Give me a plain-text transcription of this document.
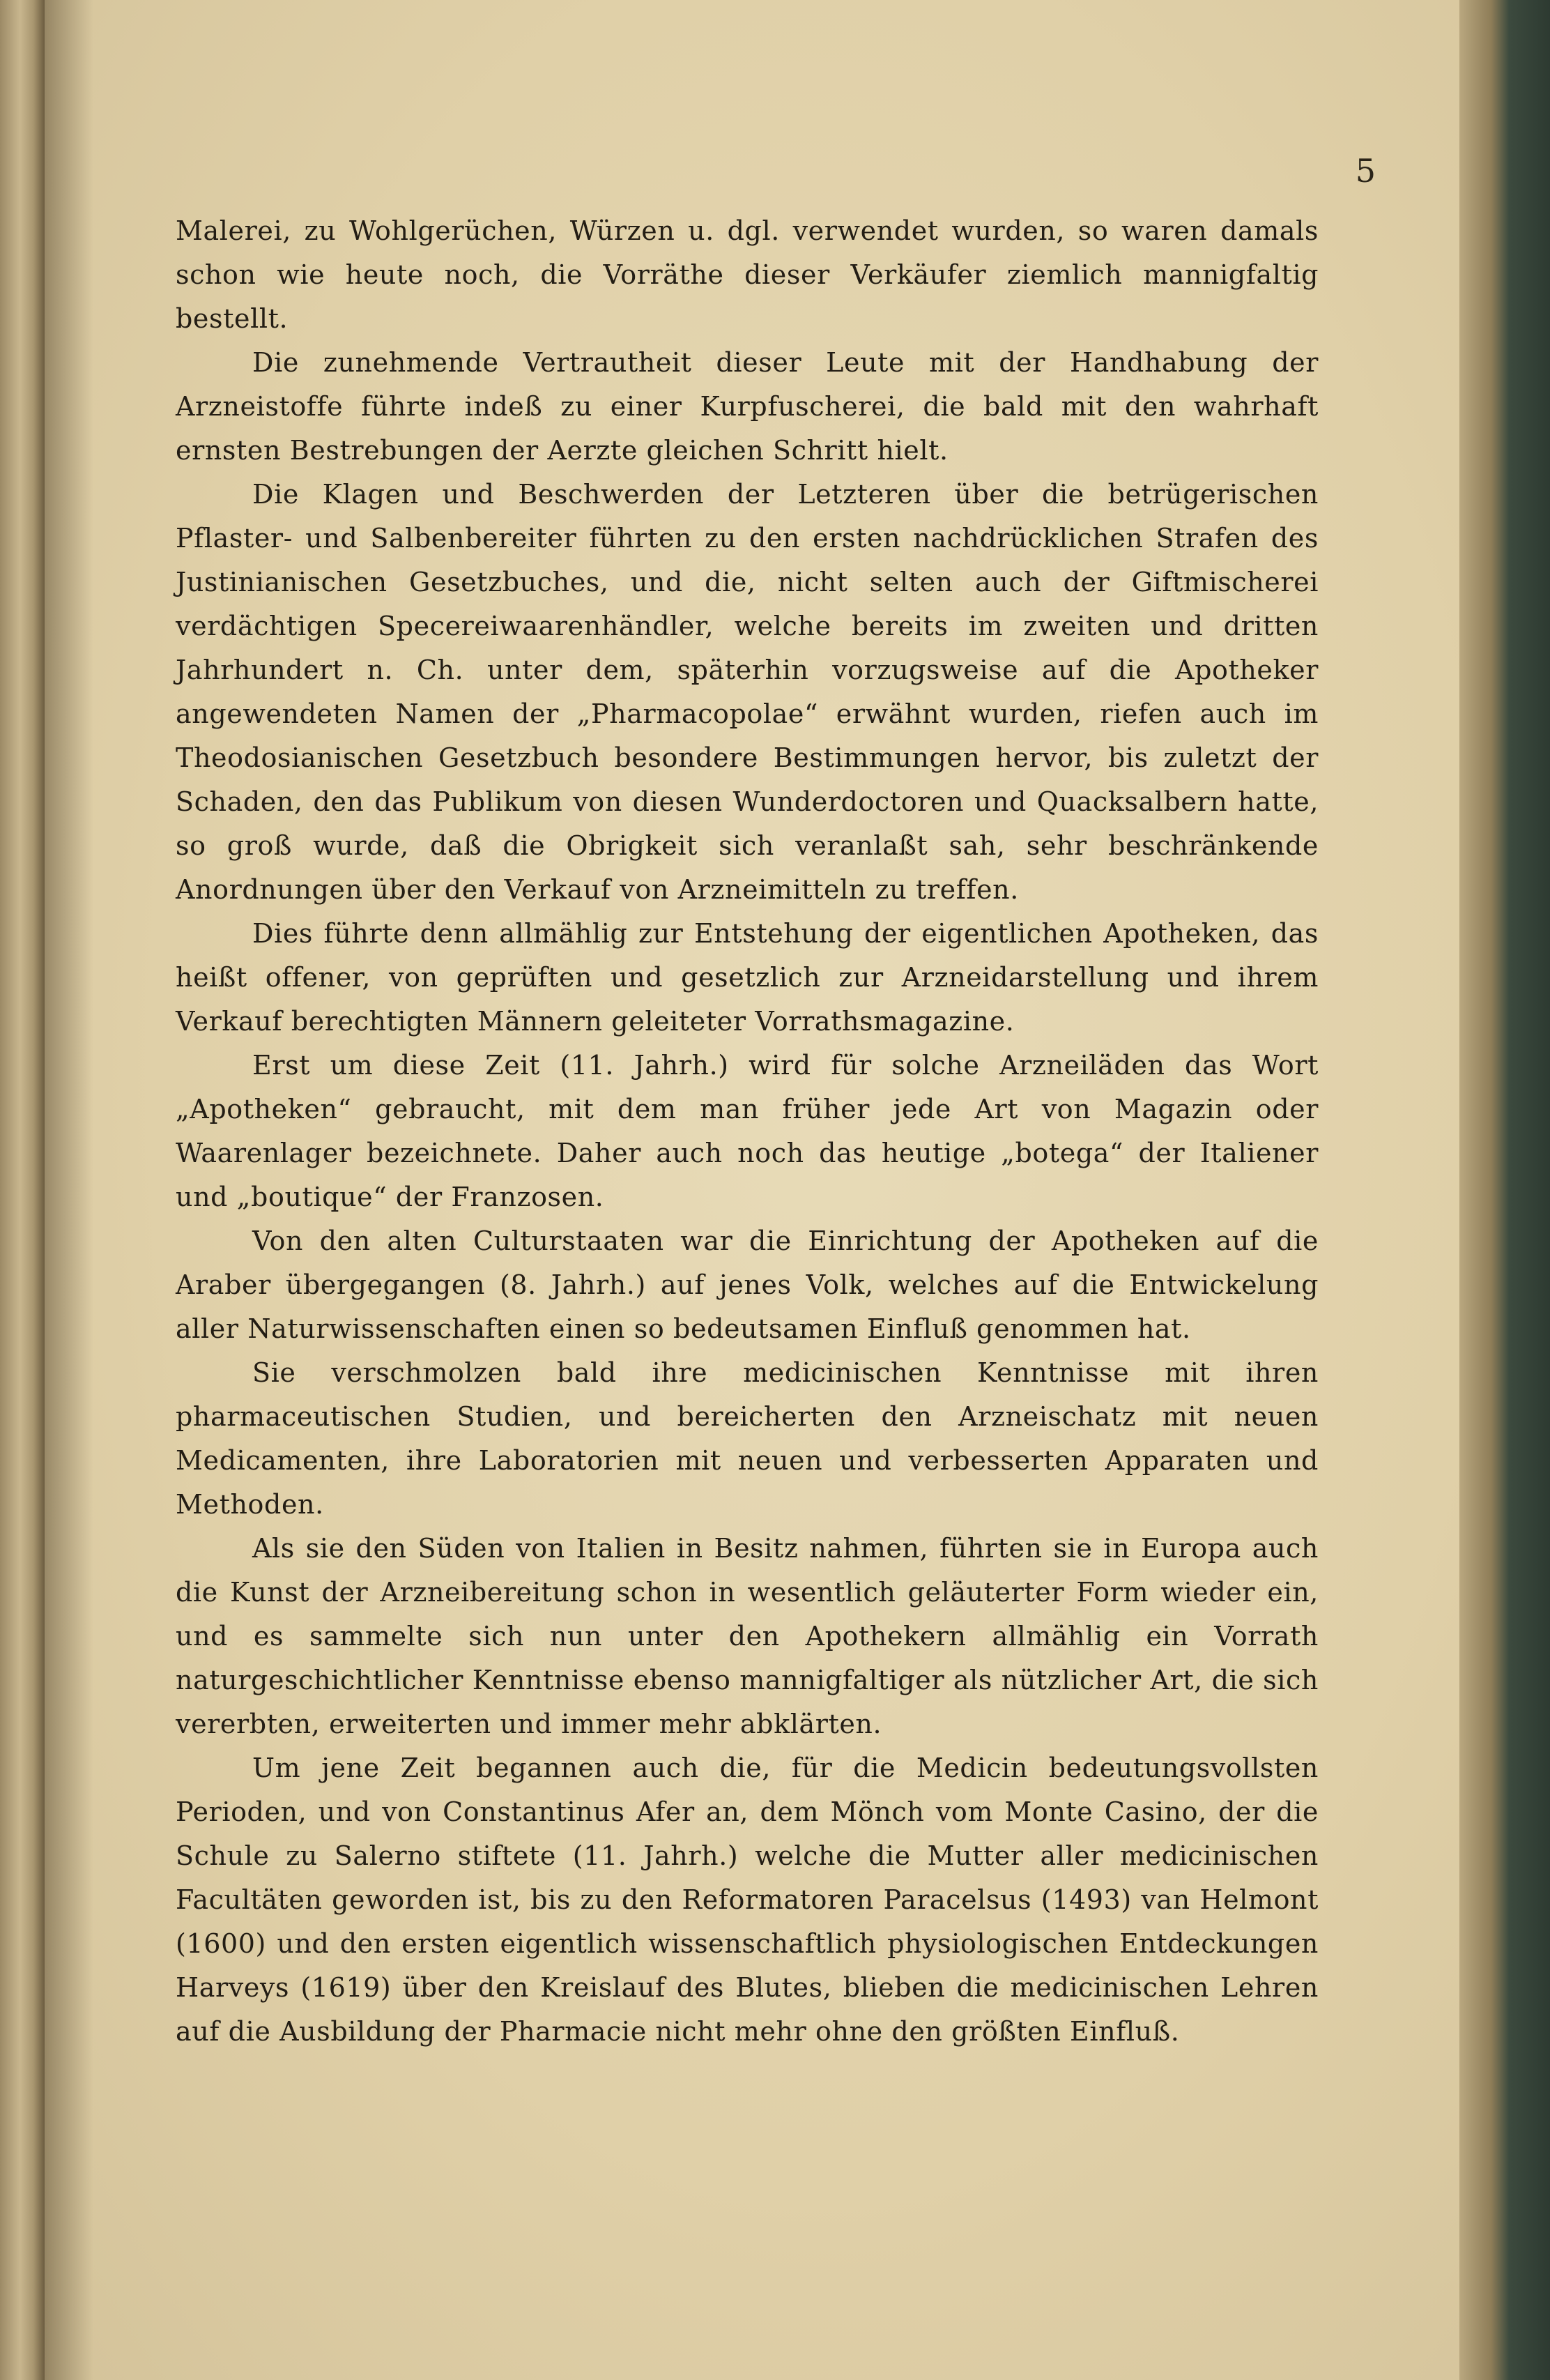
5

Malerei, zu Wohlgerüchen, Würzen u. dgl. verwendet wurden, so waren damals schon wie heute noch, die Vorräthe dieser Verkäufer ziemlich mannigfaltig bestellt.

Die zunehmende Vertrautheit dieser Leute mit der Handhabung der Arzneistoffe führte indeß zu einer Kurpfuscherei, die bald mit den wahrhaft ernsten Bestrebungen der Aerzte gleichen Schritt hielt.

Die Klagen und Beschwerden der Letzteren über die betrügerischen Pflaster- und Salbenbereiter führten zu den ersten nachdrücklichen Strafen des Justinianischen Gesetzbuches, und die, nicht selten auch der Giftmischerei verdächtigen Specereiwaarenhändler, welche bereits im zweiten und dritten Jahrhundert n. Ch. unter dem, späterhin vorzugsweise auf die Apotheker angewendeten Namen der „Pharmacopolae“ erwähnt wurden, riefen auch im Theodosianischen Gesetzbuch besondere Bestimmungen hervor, bis zuletzt der Schaden, den das Publikum von diesen Wunderdoctoren und Quacksalbern hatte, so groß wurde, daß die Obrigkeit sich veranlaßt sah, sehr beschränkende Anordnungen über den Verkauf von Arzneimitteln zu treffen.

Dies führte denn allmählig zur Entstehung der eigentlichen Apotheken, das heißt offener, von geprüften und gesetzlich zur Arzneidarstellung und ihrem Verkauf berechtigten Männern geleiteter Vorrathsmagazine.

Erst um diese Zeit (11. Jahrh.) wird für solche Arzneiläden das Wort „Apotheken“ gebraucht, mit dem man früher jede Art von Magazin oder Waarenlager bezeichnete. Daher auch noch das heutige „botega“ der Italiener und „boutique“ der Franzosen.

Von den alten Culturstaaten war die Einrichtung der Apotheken auf die Araber übergegangen (8. Jahrh.) auf jenes Volk, welches auf die Entwickelung aller Naturwissenschaften einen so bedeutsamen Einfluß genommen hat.

Sie verschmolzen bald ihre medicinischen Kenntnisse mit ihren pharmaceutischen Studien, und bereicherten den Arzneischatz mit neuen Medicamenten, ihre Laboratorien mit neuen und verbesserten Apparaten und Methoden.

Als sie den Süden von Italien in Besitz nahmen, führten sie in Europa auch die Kunst der Arzneibereitung schon in wesentlich geläuterter Form wieder ein, und es sammelte sich nun unter den Apothekern allmählig ein Vorrath naturgeschichtlicher Kenntnisse ebenso mannigfaltiger als nützlicher Art, die sich vererbten, erweiterten und immer mehr abklärten.

Um jene Zeit begannen auch die, für die Medicin bedeutungsvollsten Perioden, und von Constantinus Afer an, dem Mönch vom Monte Casino, der die Schule zu Salerno stiftete (11. Jahrh.) welche die Mutter aller medicinischen Facultäten geworden ist, bis zu den Reformatoren Paracelsus (1493) van Helmont (1600) und den ersten eigentlich wissenschaftlich physiologischen Entdeckungen Harveys (1619) über den Kreislauf des Blutes, blieben die medicinischen Lehren auf die Ausbildung der Pharmacie nicht mehr ohne den größten Einfluß.
